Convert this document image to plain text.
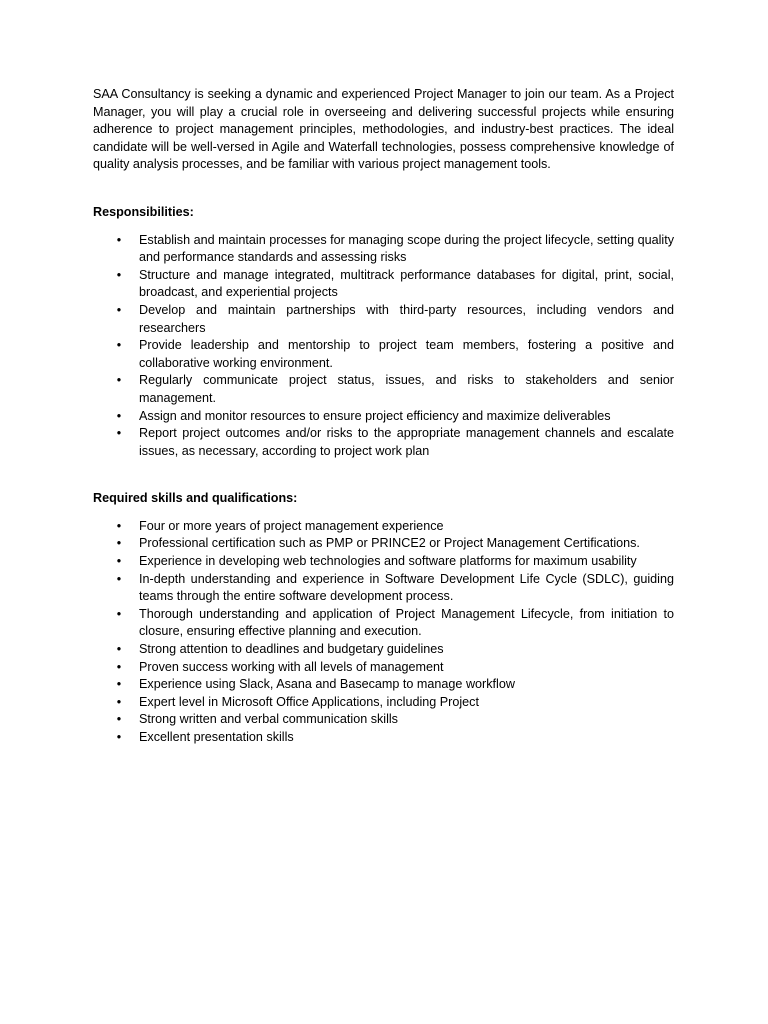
SAA Consultancy is seeking a dynamic and experienced Project Manager to join our team. As a Project Manager, you will play a crucial role in overseeing and delivering successful projects while ensuring adherence to project management principles, methodologies, and industry-best practices. The ideal candidate will be well-versed in Agile and Waterfall technologies, possess comprehensive knowledge of quality analysis processes, and be familiar with various project management tools.

Responsibilities:

•	Establish and maintain processes for managing scope during the project lifecycle, setting quality and performance standards and assessing risks
•	Structure and manage integrated, multitrack performance databases for digital, print, social, broadcast, and experiential projects
•	Develop and maintain partnerships with third-party resources, including vendors and researchers
•	Provide leadership and mentorship to project team members, fostering a positive and collaborative working environment.
•	Regularly communicate project status, issues, and risks to stakeholders and senior management.
•	Assign and monitor resources to ensure project efficiency and maximize deliverables
•	Report project outcomes and/or risks to the appropriate management channels and escalate issues, as necessary, according to project work plan

Required skills and qualifications:

•	Four or more years of project management experience
•	Professional certification such as PMP or PRINCE2 or Project Management Certifications.
•	Experience in developing web technologies and software platforms for maximum usability
•	In-depth understanding and experience in Software Development Life Cycle (SDLC), guiding teams through the entire software development process.
•	Thorough understanding and application of Project Management Lifecycle, from initiation to closure, ensuring effective planning and execution.
•	Strong attention to deadlines and budgetary guidelines
•	Proven success working with all levels of management
•	Experience using Slack, Asana and Basecamp to manage workflow
•	Expert level in Microsoft Office Applications, including Project
•	Strong written and verbal communication skills
•	Excellent presentation skills
